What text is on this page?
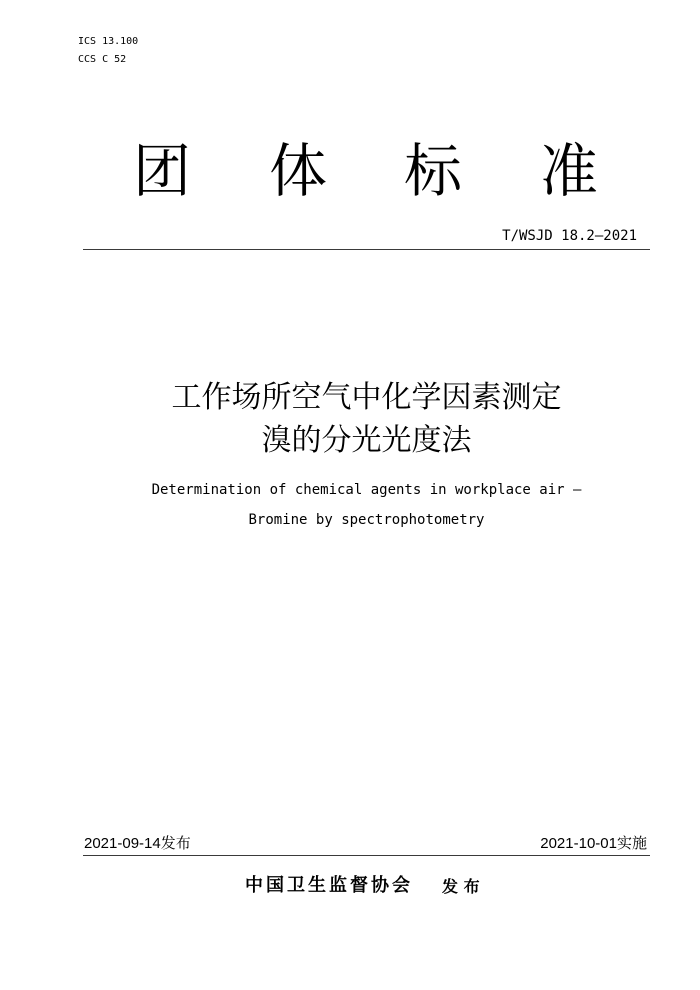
ICS 13.100
CCS C 52
团 体 标 准
T/WSJD 18.2—2021
工作场所空气中化学因素测定
溴的分光光度法
Determination of chemical agents in workplace air —
Bromine by spectrophotometry
2021-09-14发布	2021-10-01实施
中国卫生监督协会 发 布
